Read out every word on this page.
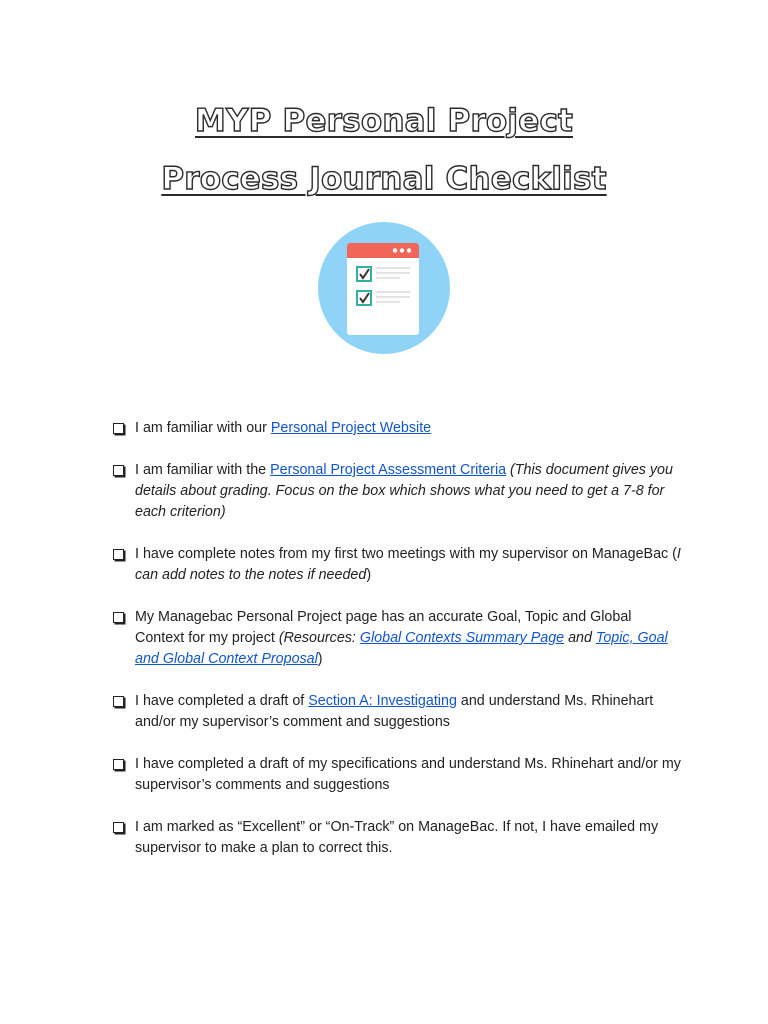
MYP Personal Project
Process Journal Checklist
I am familiar with our Personal Project Website
I am familiar with the Personal Project Assessment Criteria (This document gives you details about grading. Focus on the box which shows what you need to get a 7-8 for each criterion)
I have complete notes from my first two meetings with my supervisor on ManageBac (I can add notes to the notes if needed)
My Managebac Personal Project page has an accurate Goal, Topic and Global Context for my project (Resources: Global Contexts Summary Page and Topic, Goal and Global Context Proposal)
I have completed a draft of Section A: Investigating and understand Ms. Rhinehart and/or my supervisor’s comment and suggestions
I have completed a draft of my specifications and understand Ms. Rhinehart and/or my supervisor’s comments and suggestions
I am marked as “Excellent” or “On-Track” on ManageBac. If not, I have emailed my supervisor to make a plan to correct this.
